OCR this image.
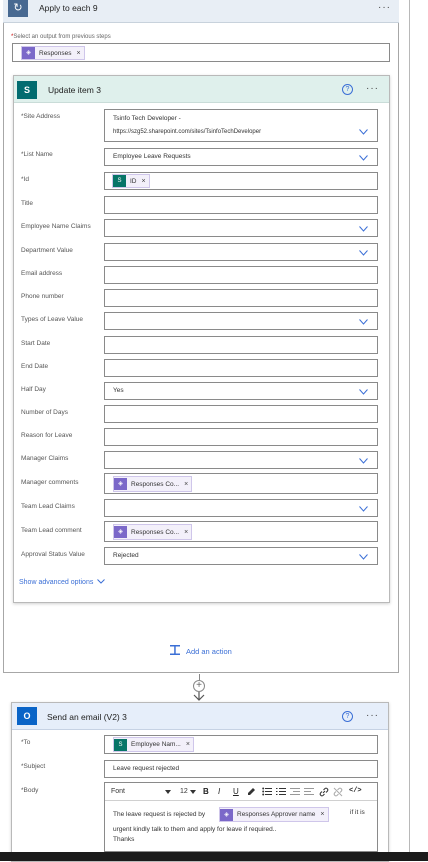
↻	Apply to each 9	···
*Select an output from previous steps
◈	Responses ×
S	Update item 3	?	···
*Site Address	Tsinfo Tech Developer -
https://szg52.sharepoint.com/sites/TsinfoTechDeveloper
*List Name	Employee Leave Requests
*Id	S	ID ×
Title
Employee Name Claims
Department Value
Email address
Phone number
Types of Leave Value
Start Date
End Date
Half Day	Yes
Number of Days
Reason for Leave
Manager Claims
Manager comments	◈	Responses Co... ×
Team Lead Claims
Team Lead comment	◈	Responses Co... ×
Approval Status Value	Rejected
Show advanced options
Add an action
+
O	Send an email (V2) 3	?	···
*To	S	Employee Nam... ×
*Subject	Leave request rejected
*Body	Font	12 B I U	</>
The leave request is rejected by	◈	Responses Approver name ×	if it is
urgent kindly talk to them and apply for leave if required..
Thanks
